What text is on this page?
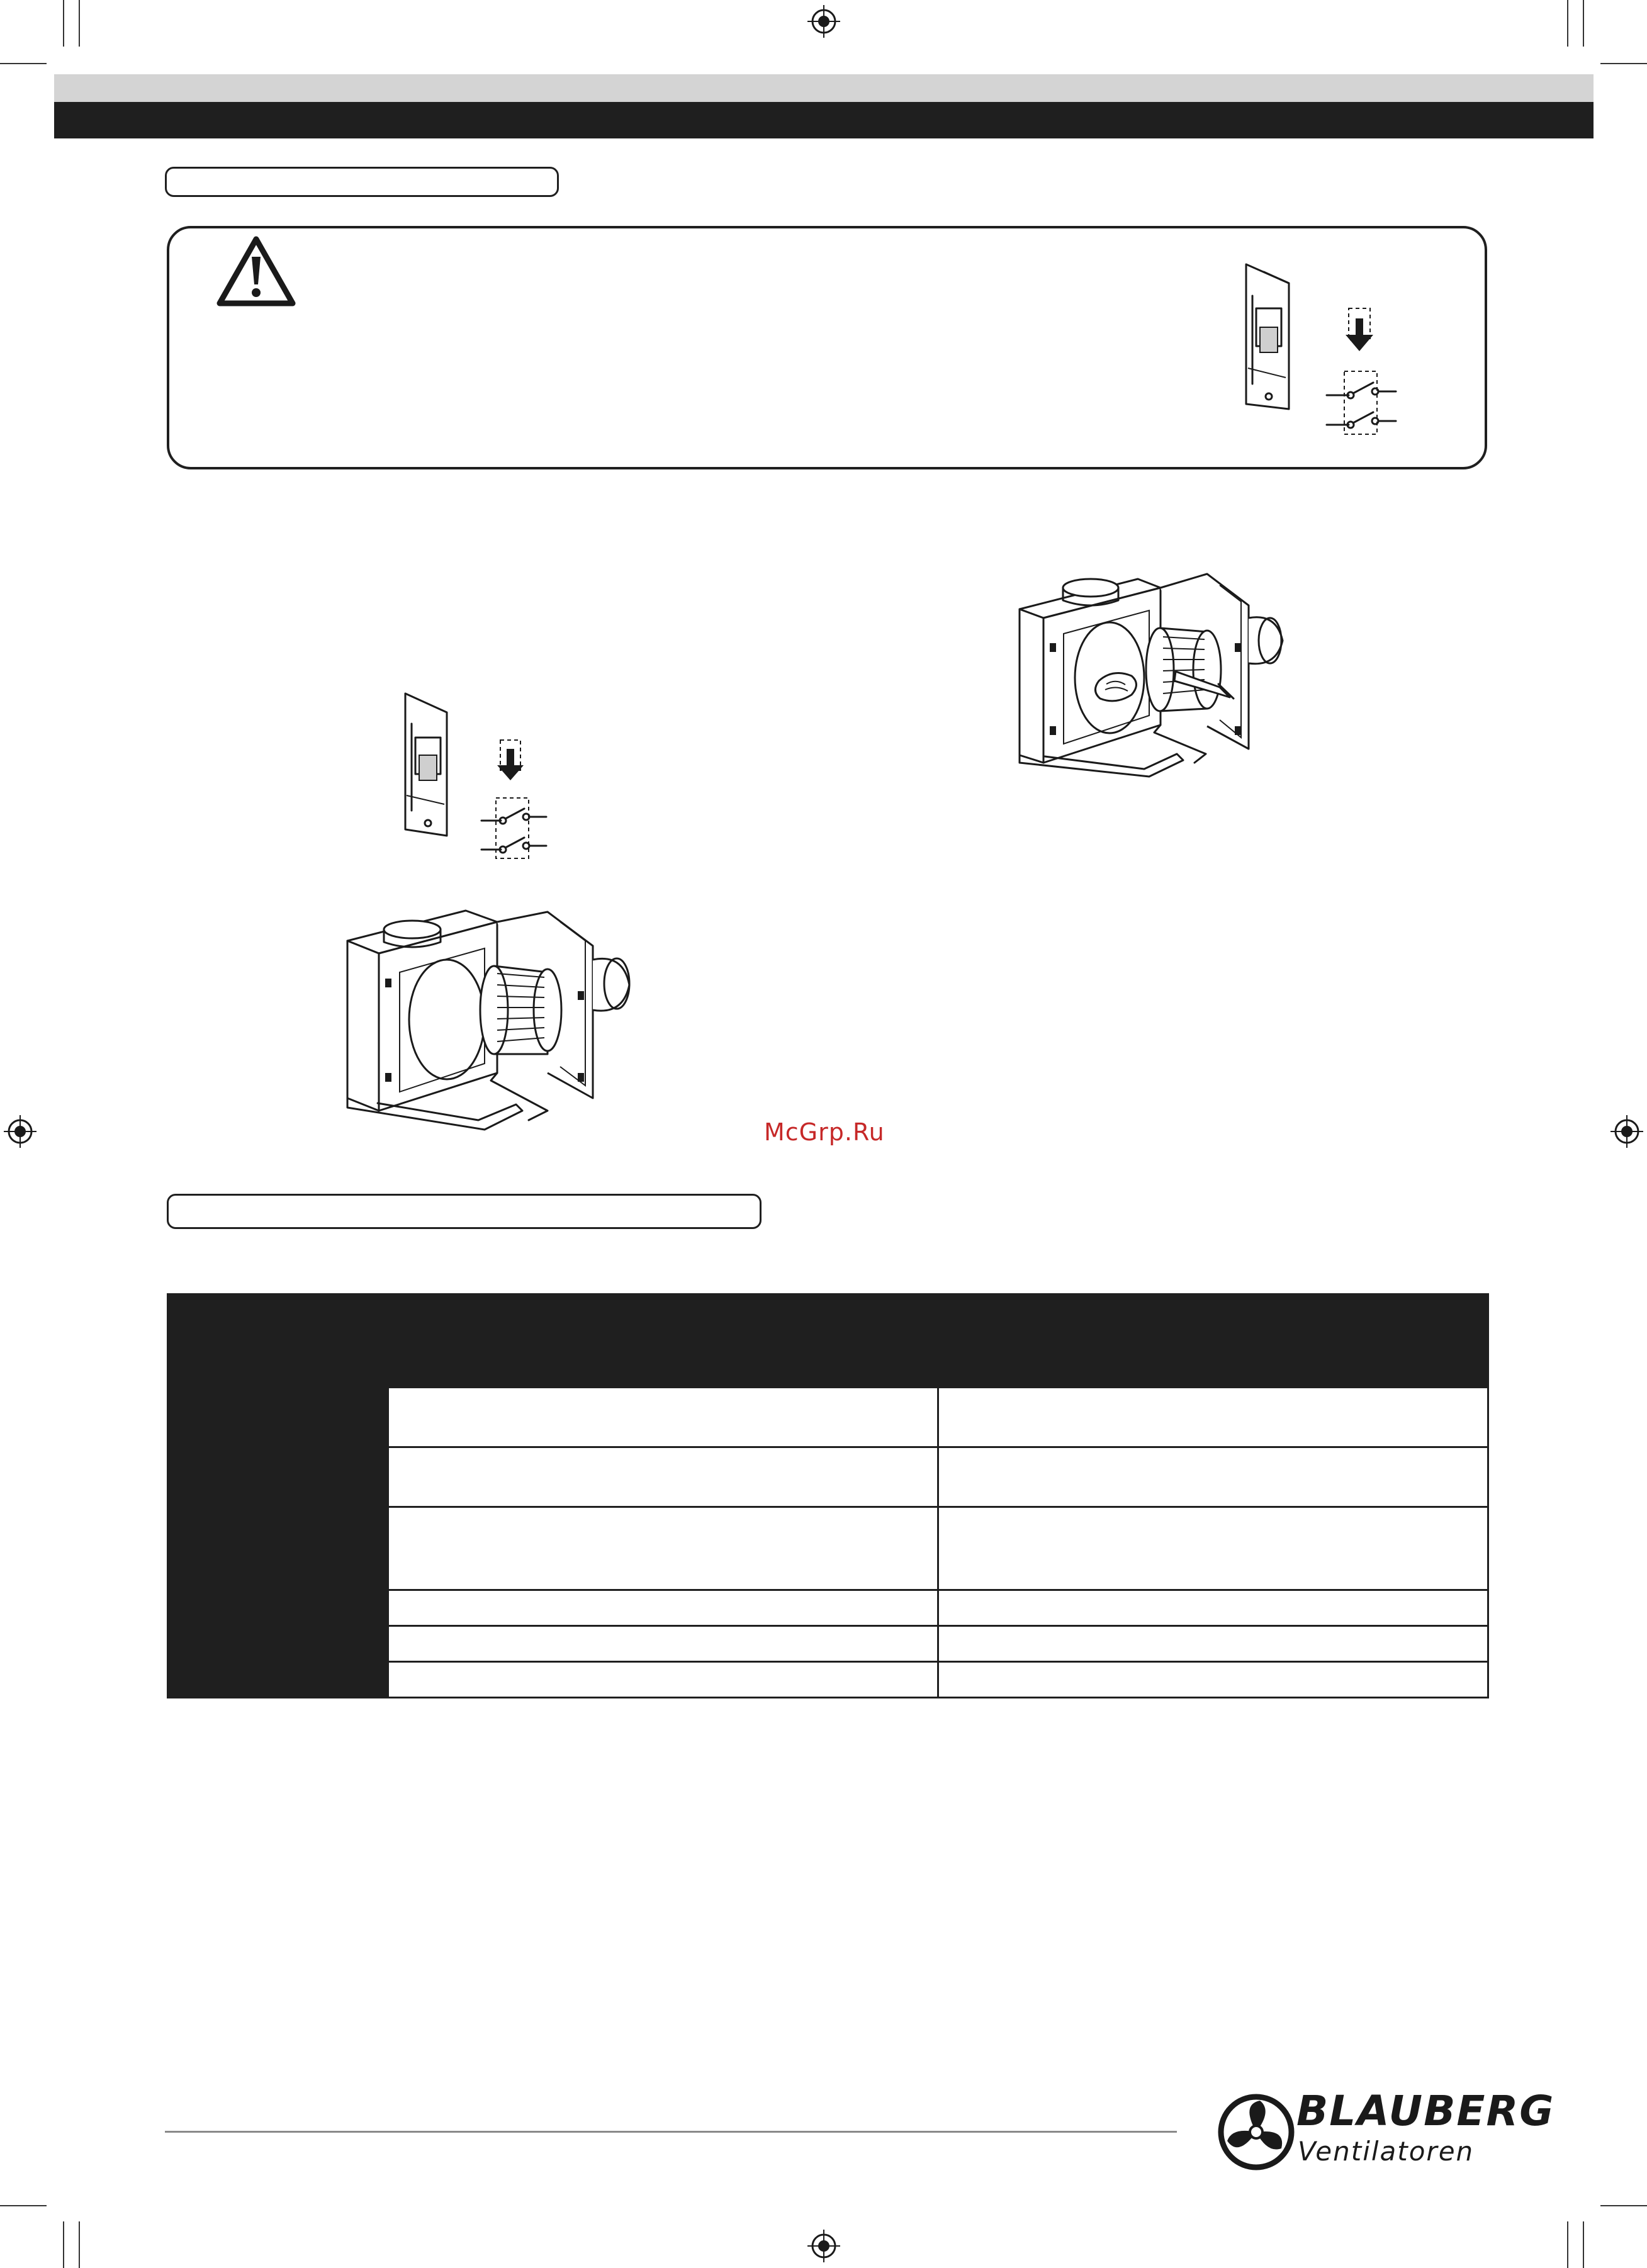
McGrp.Ru

BLAUBERG
Ventilatoren
